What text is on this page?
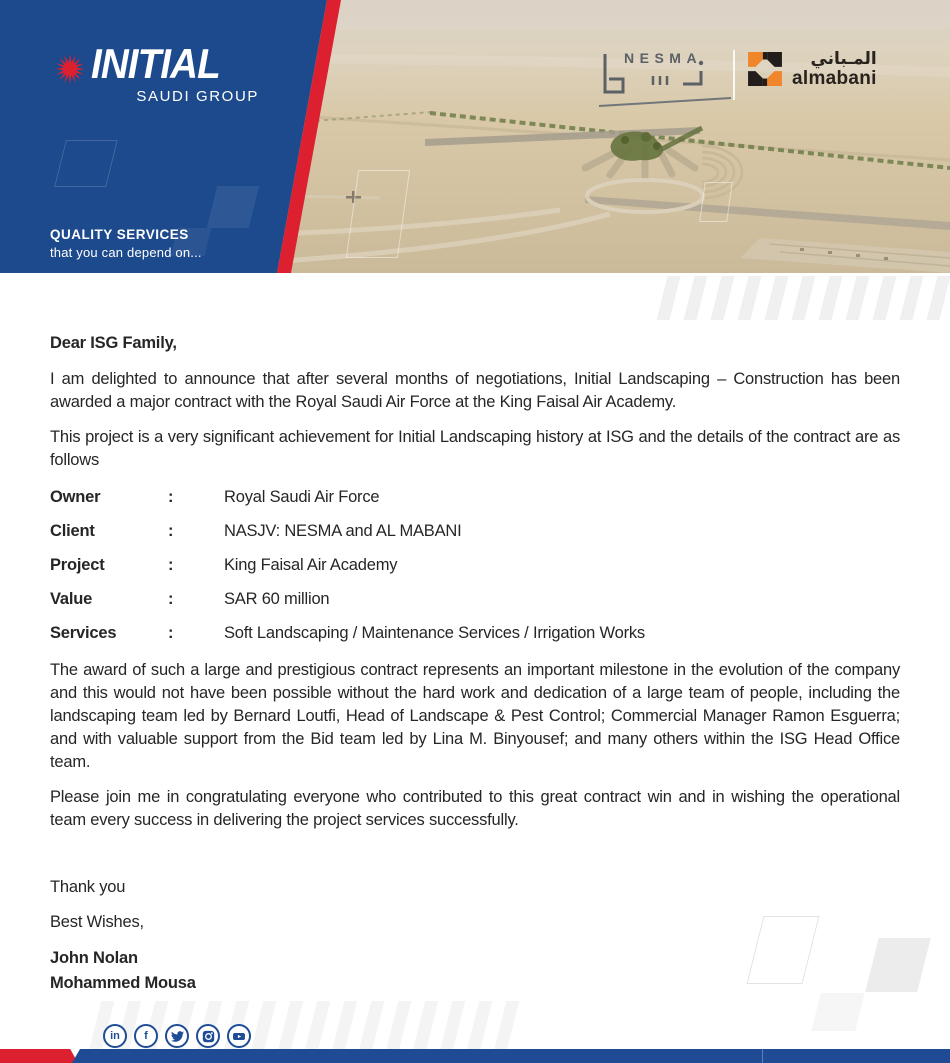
INITIAL
SAUDI GROUP
QUALITY SERVICES
that you can depend on...
NESMA	المـباني
almabani

Dear ISG Family,

I am delighted to announce that after several months of negotiations, Initial Landscaping – Construction has been awarded a major contract with the Royal Saudi Air Force at the King Faisal Air Academy.

This project is a very significant achievement for Initial Landscaping history at ISG and the details of the contract are as follows

Owner	:	Royal Saudi Air Force
Client	:	NASJV: NESMA and AL MABANI
Project	:	King Faisal Air Academy
Value	:	SAR 60 million
Services	:	Soft Landscaping / Maintenance Services / Irrigation Works

The award of such a large and prestigious contract represents an important milestone in the evolution of the company and this would not have been possible without the hard work and dedication of a large team of people, including the landscaping team led by Bernard Loutfi, Head of Landscape & Pest Control; Commercial Manager Ramon Esguerra; and with valuable support from the Bid team led by Lina M. Binyousef; and many others within the ISG Head Office team.

Please join me in congratulating everyone who contributed to this great contract win and in wishing the operational team every success in delivering the project services successfully.

Thank you

Best Wishes,

John Nolan

Mohammed Mousa

in f
